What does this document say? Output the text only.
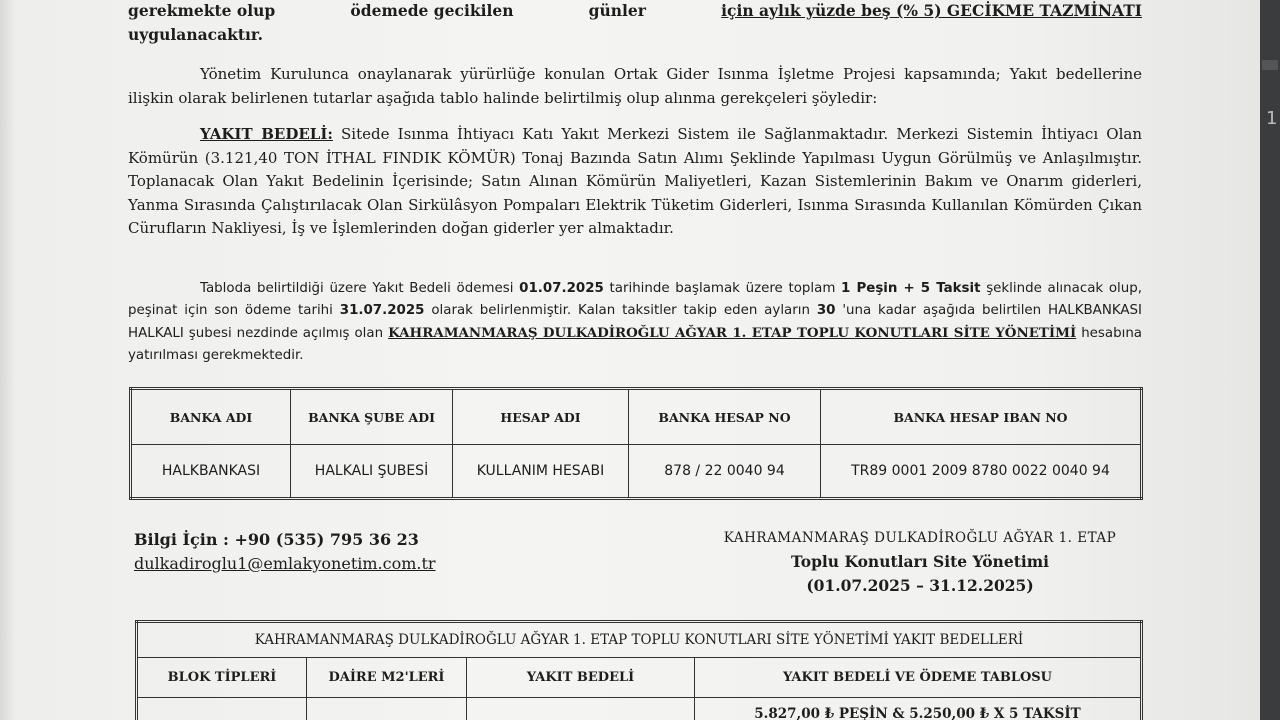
gerekmekte olup	ödemede gecikilen	günler	için aylık yüzde beş (% 5) GECİKME TAZMİNATI
uygulanacaktır.
Yönetim Kurulunca onaylanarak yürürlüğe konulan Ortak Gider Isınma İşletme Projesi kapsamında; Yakıt bedellerine ilişkin olarak belirlenen tutarlar aşağıda tablo halinde belirtilmiş olup alınma gerekçeleri şöyledir:
YAKIT BEDELİ: Sitede Isınma İhtiyacı Katı Yakıt Merkezi Sistem ile Sağlanmaktadır. Merkezi Sistemin İhtiyacı Olan Kömürün (3.121,40 TON İTHAL FINDIK KÖMÜR) Tonaj Bazında Satın Alımı Şeklinde Yapılması Uygun Görülmüş ve Anlaşılmıştır. Toplanacak Olan Yakıt Bedelinin İçerisinde; Satın Alınan Kömürün Maliyetleri, Kazan Sistemlerinin Bakım ve Onarım giderleri, Yanma Sırasında Çalıştırılacak Olan Sirkülâsyon Pompaları Elektrik Tüketim Giderleri, Isınma Sırasında Kullanılan Kömürden Çıkan Cürufların Nakliyesi, İş ve İşlemlerinden doğan giderler yer almaktadır.
Tabloda belirtildiği üzere Yakıt Bedeli ödemesi 01.07.2025 tarihinde başlamak üzere toplam 1 Peşin + 5 Taksit şeklinde alınacak olup, peşinat için son ödeme tarihi 31.07.2025 olarak belirlenmiştir. Kalan taksitler takip eden ayların 30 'una kadar aşağıda belirtilen HALKBANKASI HALKALI şubesi nezdinde açılmış olan KAHRAMANMARAŞ DULKADİROĞLU AĞYAR 1. ETAP TOPLU KONUTLARI SİTE YÖNETİMİ hesabına yatırılması gerekmektedir.
BANKA ADI	BANKA ŞUBE ADI	HESAP ADI	BANKA HESAP NO	BANKA HESAP IBAN NO
HALKBANKASI	HALKALI ŞUBESİ	KULLANIM HESABI	878 / 22 0040 94	TR89 0001 2009 8780 0022 0040 94
Bilgi İçin : +90 (535) 795 36 23
dulkadiroglu1@emlakyonetim.com.tr
KAHRAMANMARAŞ DULKADİROĞLU AĞYAR 1. ETAP
Toplu Konutları Site Yönetimi
(01.07.2025 – 31.12.2025)
KAHRAMANMARAŞ DULKADİROĞLU AĞYAR 1. ETAP TOPLU KONUTLARI SİTE YÖNETİMİ YAKIT BEDELLERİ			
BLOK TİPLERİ	DAİRE M2'LERİ	YAKIT BEDELİ	YAKIT BEDELİ VE ÖDEME TABLOSU
			5.827,00 ₺ PEŞİN & 5.250,00 ₺ X 5 TAKSİT
1
